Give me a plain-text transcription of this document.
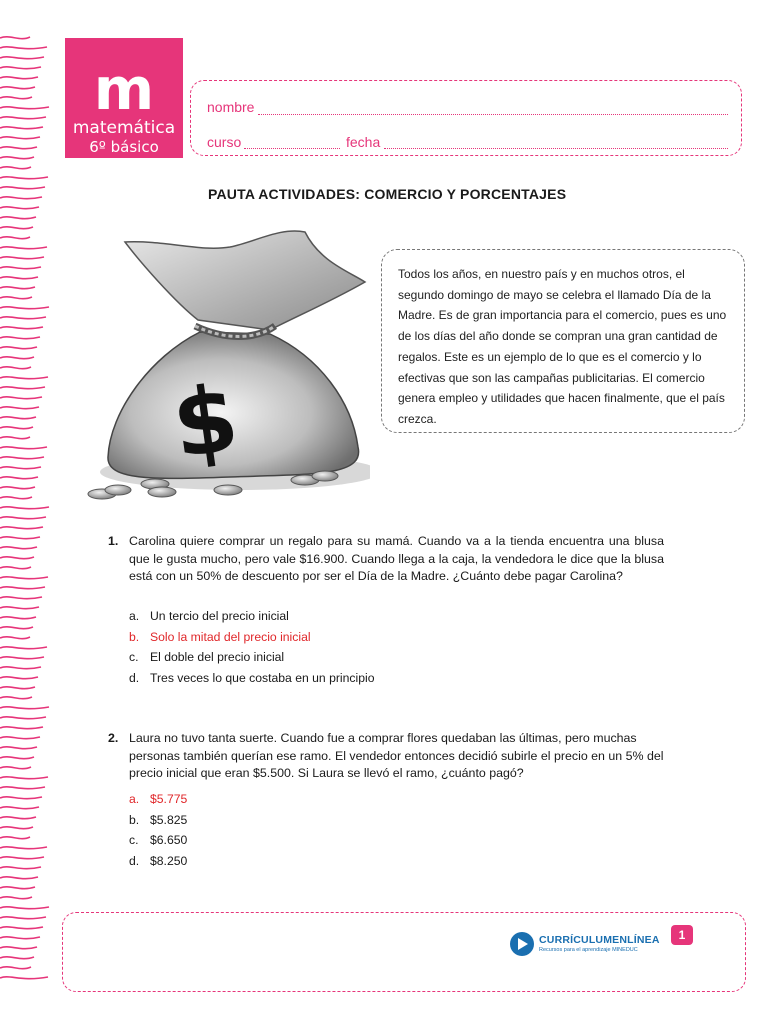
m
matemática
6º básico
nombre
curso	fecha
PAUTA ACTIVIDADES: COMERCIO Y PORCENTAJES
$
Todos los años, en nuestro país y en muchos otros, el segundo domingo de mayo se celebra el llamado Día de la Madre. Es de gran importancia para el comercio, pues es uno de los días del año donde se compran una gran cantidad de regalos. Este es un ejemplo de lo que es el comercio y lo efectivas que son las campañas publicitarias. El comercio genera empleo y utilidades que hacen finalmente, que el país crezca.
1. Carolina quiere comprar un regalo para su mamá. Cuando va a la tienda encuentra una blusa que le gusta mucho, pero vale $16.900. Cuando llega a la caja, la vendedora le dice que la blusa está con un 50% de descuento por ser el Día de la Madre. ¿Cuánto debe pagar Carolina?
a. Un tercio del precio inicial
b. Solo la mitad del precio inicial
c. El doble del precio inicial
d. Tres veces lo que costaba en un principio
2. Laura no tuvo tanta suerte. Cuando fue a comprar flores quedaban las últimas, pero muchas personas también querían ese ramo. El vendedor entonces decidió subirle el precio en un 5% del precio inicial que eran $5.500. Si Laura se llevó el ramo, ¿cuánto pagó?
a. $5.775
b. $5.825
c. $6.650
d. $8.250
CURRÍCULUMENLÍNEA
Recursos para el aprendizaje MINEDUC
1
